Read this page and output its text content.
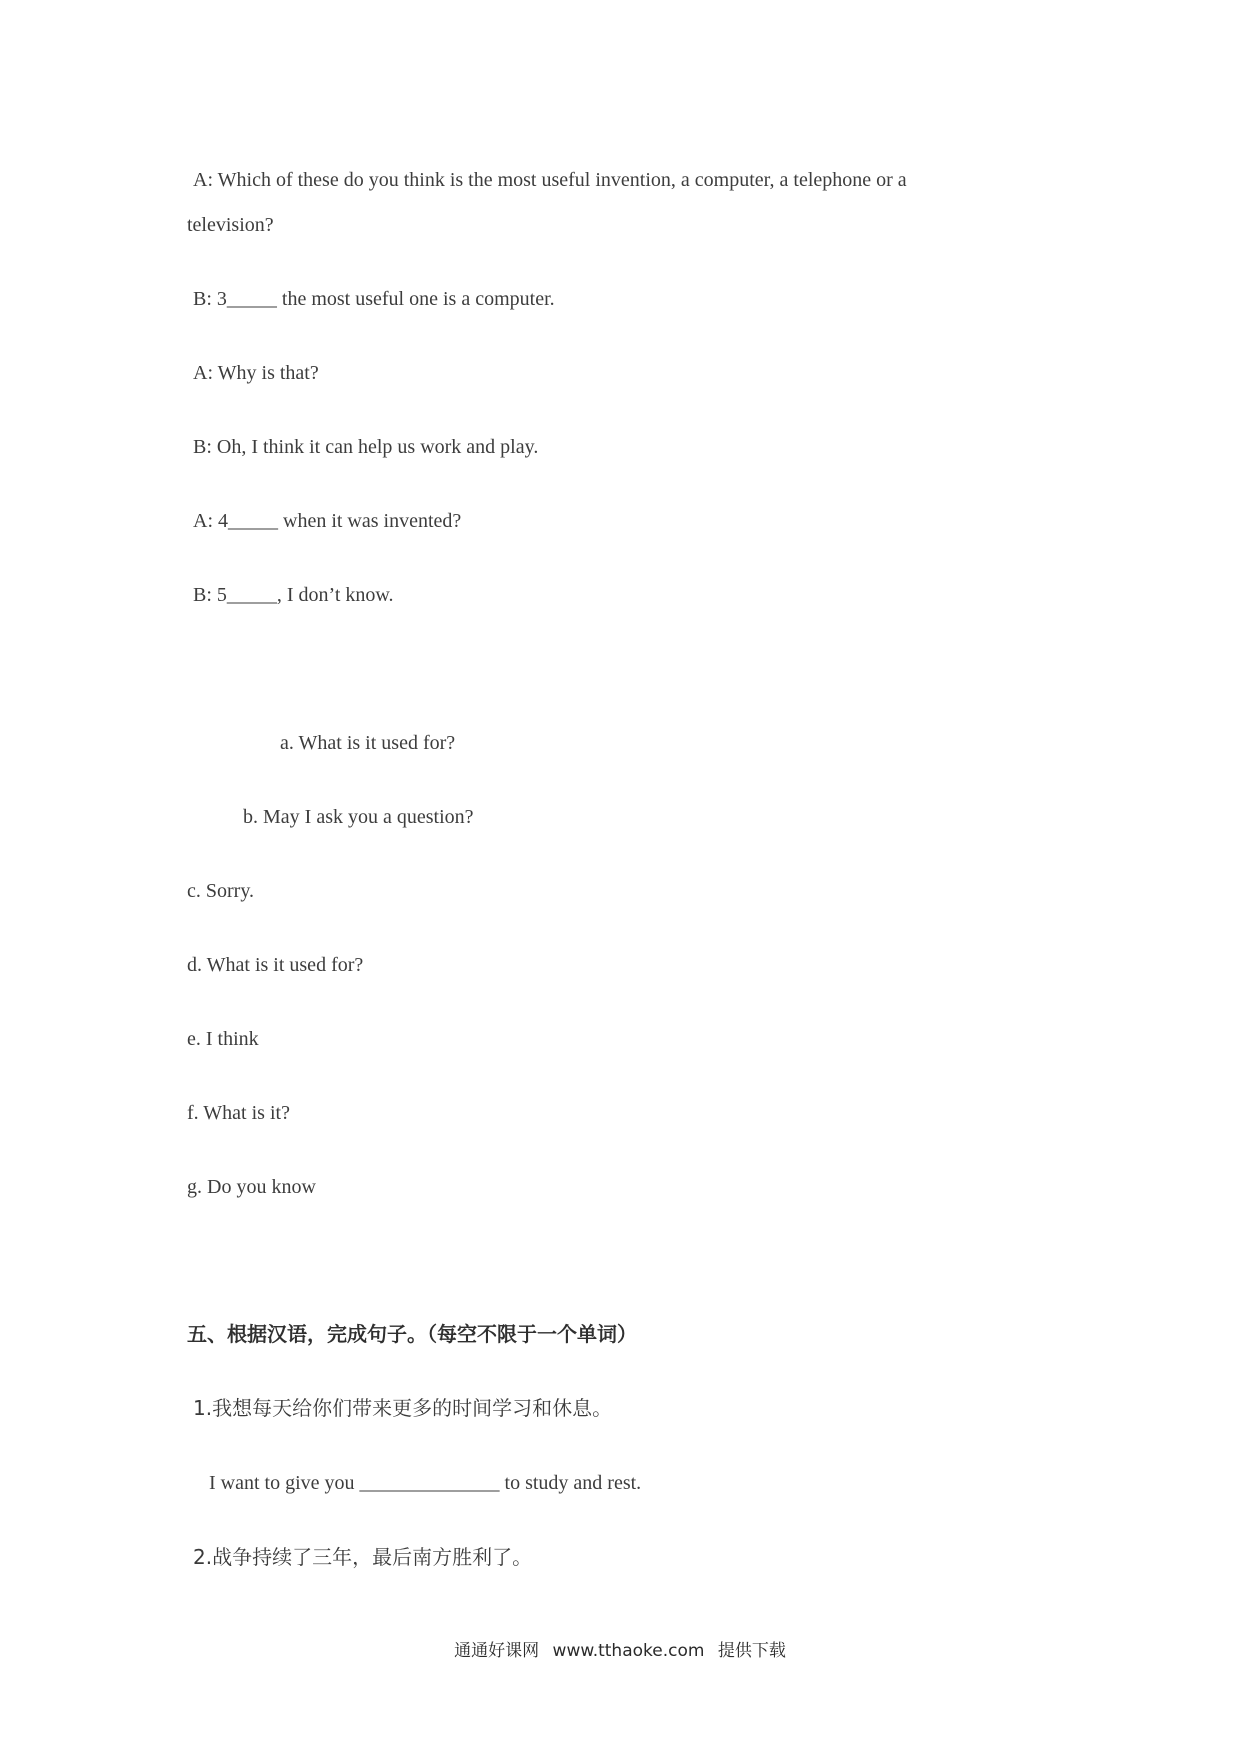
A: Which of these do you think is the most useful invention, a computer, a telephone or a
television?
B: 3_____ the most useful one is a computer.
A: Why is that?
B: Oh, I think it can help us work and play.
A: 4_____ when it was invented?
B: 5_____, I don’t know.
a. What is it used for?
b. May I ask you a question?
c. Sorry.
d. What is it used for?
e. I think
f. What is it?
g. Do you know
五、根据汉语，完成句子。（每空不限于一个单词）
1.我想每天给你们带来更多的时间学习和休息。
I want to give you ______________ to study and rest.
2.战争持续了三年，最后南方胜利了。
通通好课网 www.tthaoke.com 提供下载
